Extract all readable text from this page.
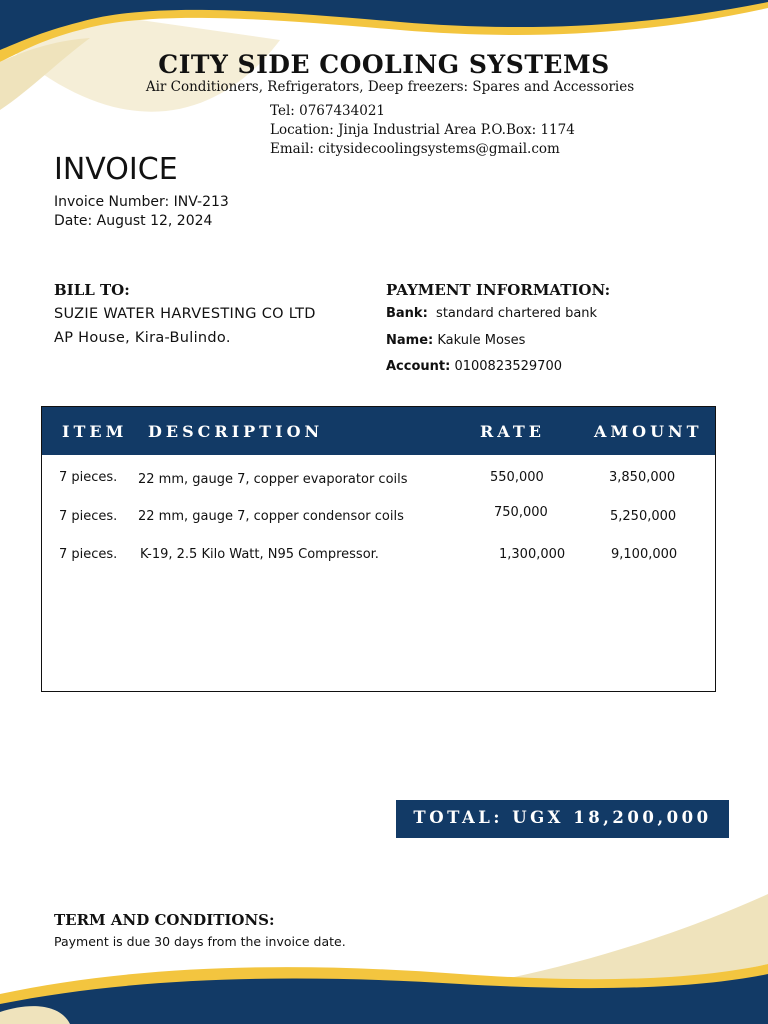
CITY SIDE COOLING SYSTEMS
Air Conditioners, Refrigerators, Deep freezers: Spares and Accessories
Tel: 0767434021
Location: Jinja Industrial Area P.O.Box: 1174
Email: citysidecoolingsystems@gmail.com
INVOICE
Invoice Number: INV-213
Date: August 12, 2024
BILL TO:
SUZIE WATER HARVESTING CO LTD
AP House, Kira-Bulindo.
PAYMENT INFORMATION:
Bank: standard chartered bank
Name: Kakule Moses
Account: 0100823529700
ITEM DESCRIPTION	RATE	AMOUNT
7 pieces. 22 mm, gauge 7, copper evaporator coils	550,000	3,850,000
7 pieces. 22 mm, gauge 7, copper condensor coils	750,000	5,250,000
7 pieces. K-19, 2.5 Kilo Watt, N95 Compressor.	1,300,000	9,100,000
TOTAL: UGX 18,200,000
TERM AND CONDITIONS:
Payment is due 30 days from the invoice date.
